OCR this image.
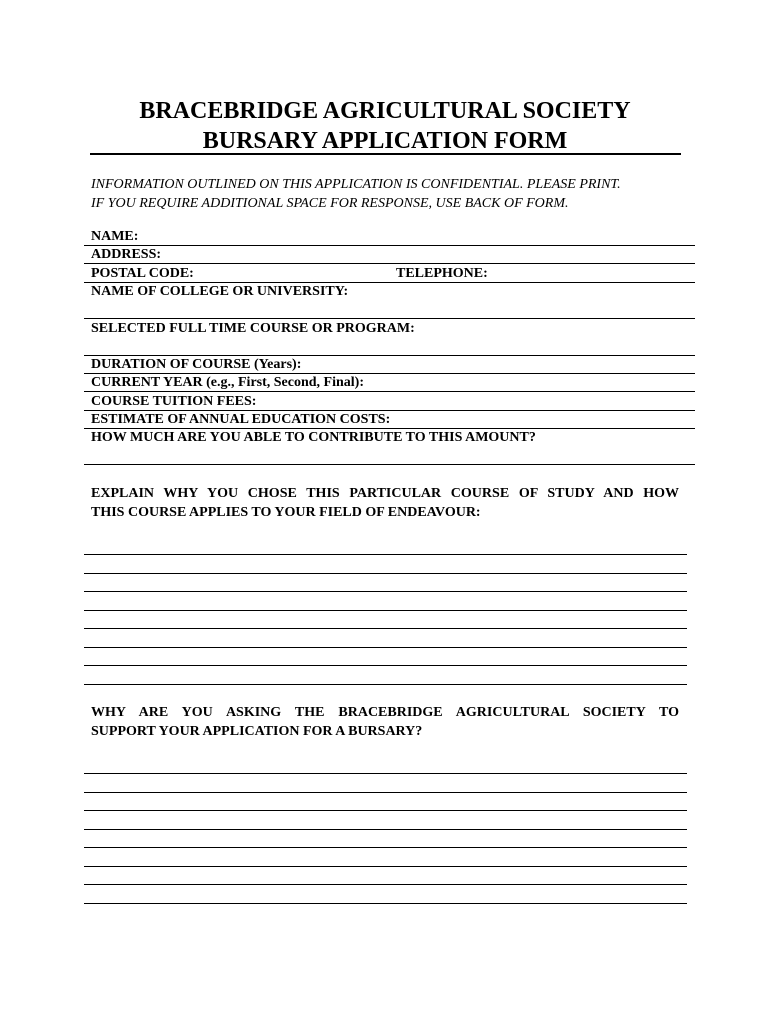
BRACEBRIDGE AGRICULTURAL SOCIETY
BURSARY APPLICATION FORM
INFORMATION OUTLINED ON THIS APPLICATION IS CONFIDENTIAL. PLEASE PRINT.
IF YOU REQUIRE ADDITIONAL SPACE FOR RESPONSE, USE BACK OF FORM.
NAME:
ADDRESS:
POSTAL CODE:	TELEPHONE:
NAME OF COLLEGE OR UNIVERSITY:
SELECTED FULL TIME COURSE OR PROGRAM:
DURATION OF COURSE (Years):
CURRENT YEAR (e.g., First, Second, Final):
COURSE TUITION FEES:
ESTIMATE OF ANNUAL EDUCATION COSTS:
HOW MUCH ARE YOU ABLE TO CONTRIBUTE TO THIS AMOUNT?
EXPLAIN WHY YOU CHOSE THIS PARTICULAR COURSE OF STUDY AND HOW
THIS COURSE APPLIES TO YOUR FIELD OF ENDEAVOUR:
WHY ARE YOU ASKING THE BRACEBRIDGE AGRICULTURAL SOCIETY TO
SUPPORT YOUR APPLICATION FOR A BURSARY?
